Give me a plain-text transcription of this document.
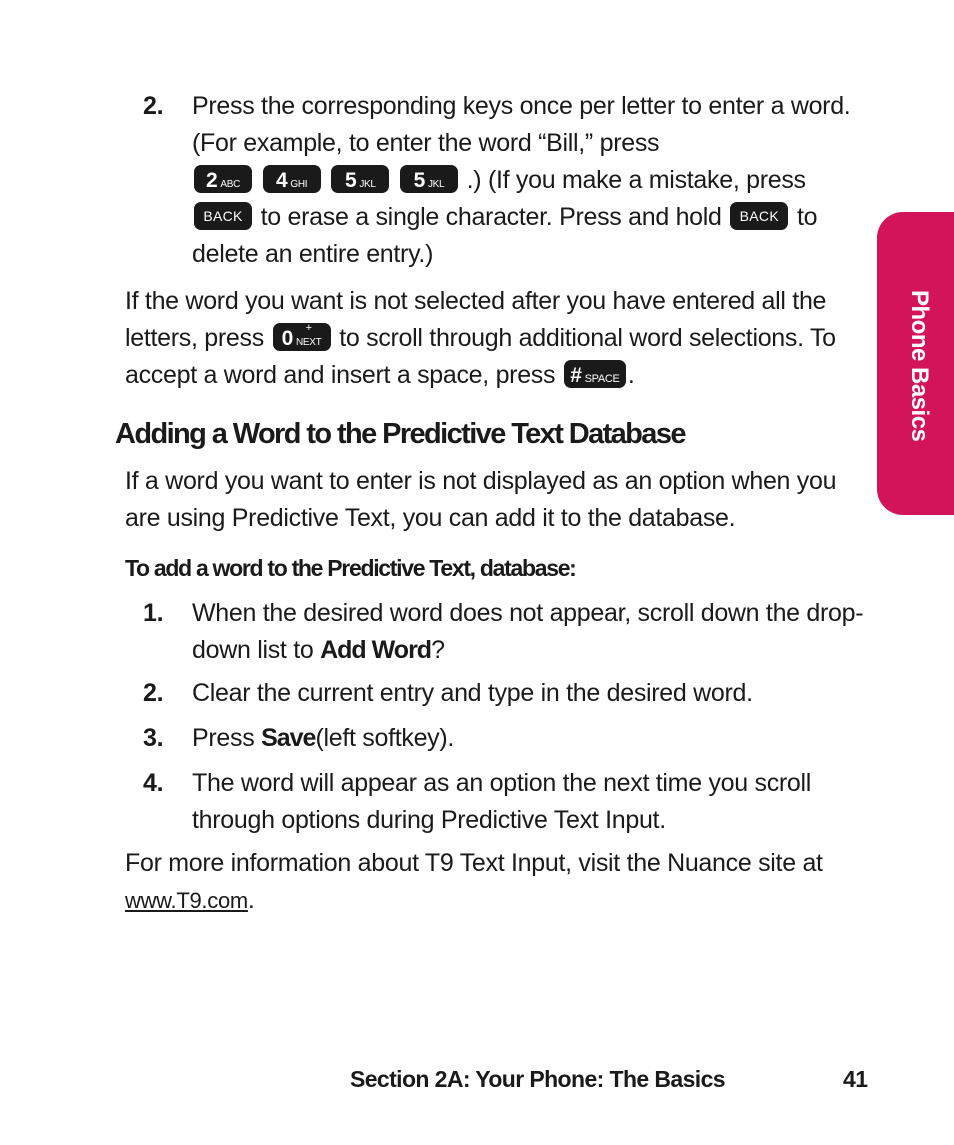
Phone Basics
2. Press the corresponding keys once per letter to enter a word. (For example, to enter the word “Bill,” press
2 ABC 4 GHI 5 JKL 5 JKL .) (If you make a mistake, press
BACK to erase a single character. Press and hold BACK to delete an entire entry.)
If the word you want is not selected after you have entered all the letters, press	+
0 NEXT to scroll through additional word selections. To accept a word and insert a space, press # SPACE .
Adding a Word to the Predictive Text Database
If a word you want to enter is not displayed as an option when you are using Predictive Text, you can add it to the database.
To add a word to the Predictive Text, database:
1. When the desired word does not appear, scroll down the drop-down list to Add Word?
2. Clear the current entry and type in the desired word.
3. Press Save(left softkey).
4. The word will appear as an option the next time you scroll through options during Predictive Text Input.
For more information about T9 Text Input, visit the Nuance site at www.T9.com.
Section 2A: Your Phone: The Basics	41
